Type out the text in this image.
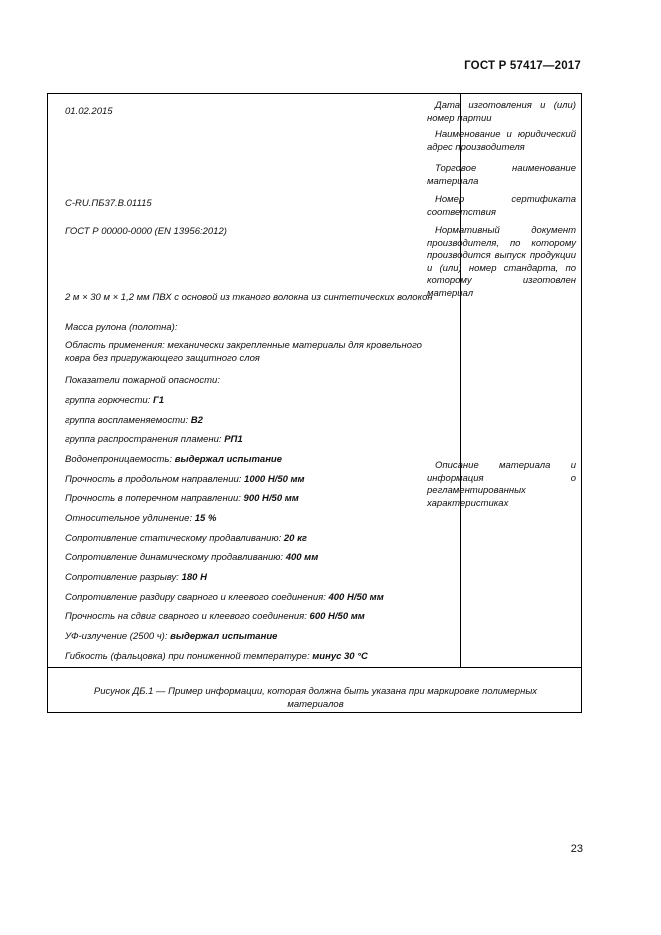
ГОСТ Р 57417—2017
01.02.2015
C-RU.ПБ37.В.01115
ГОСТ Р 00000-0000 (EN 13956:2012)
2 м × 30 м × 1,2 мм ПВХ с основой из тканого волокна из синтетических волокон
Масса рулона (полотна):
Область применения: механически закрепленные материалы для кровельного ковра без пригружающего защитного слоя
Показатели пожарной опасности:
группа горючести: Г1
группа воспламеняемости: В2
группа распространения пламени: РП1
Водонепроницаемость: выдержал испытание
Прочность в продольном направлении: 1000 Н/50 мм
Прочность в поперечном направлении: 900 Н/50 мм
Относительное удлинение: 15 %
Сопротивление статическому продавливанию: 20 кг
Сопротивление динамическому продавливанию: 400 мм
Сопротивление разрыву: 180 Н
Сопротивление раздиру сварного и клеевого соединения: 400 Н/50 мм
Прочность на сдвиг сварного и клеевого соединения: 600 Н/50 мм
УФ-излучение (2500 ч): выдержал испытание
Гибкость (фальцовка) при пониженной температуре: минус 30 °С
Дата изготовления и (или) номер партии
Наименование и юридический адрес производителя
Торговое наименование материала
Номер сертификата соответствия
Нормативный документ производителя, по которому производится выпуск продукции и (или) номер стандарта, по которому изготовлен материал
Описание материала и информация о регламентированных характеристиках
Рисунок ДБ.1 — Пример информации, которая должна быть указана при маркировке полимерных материалов
23
